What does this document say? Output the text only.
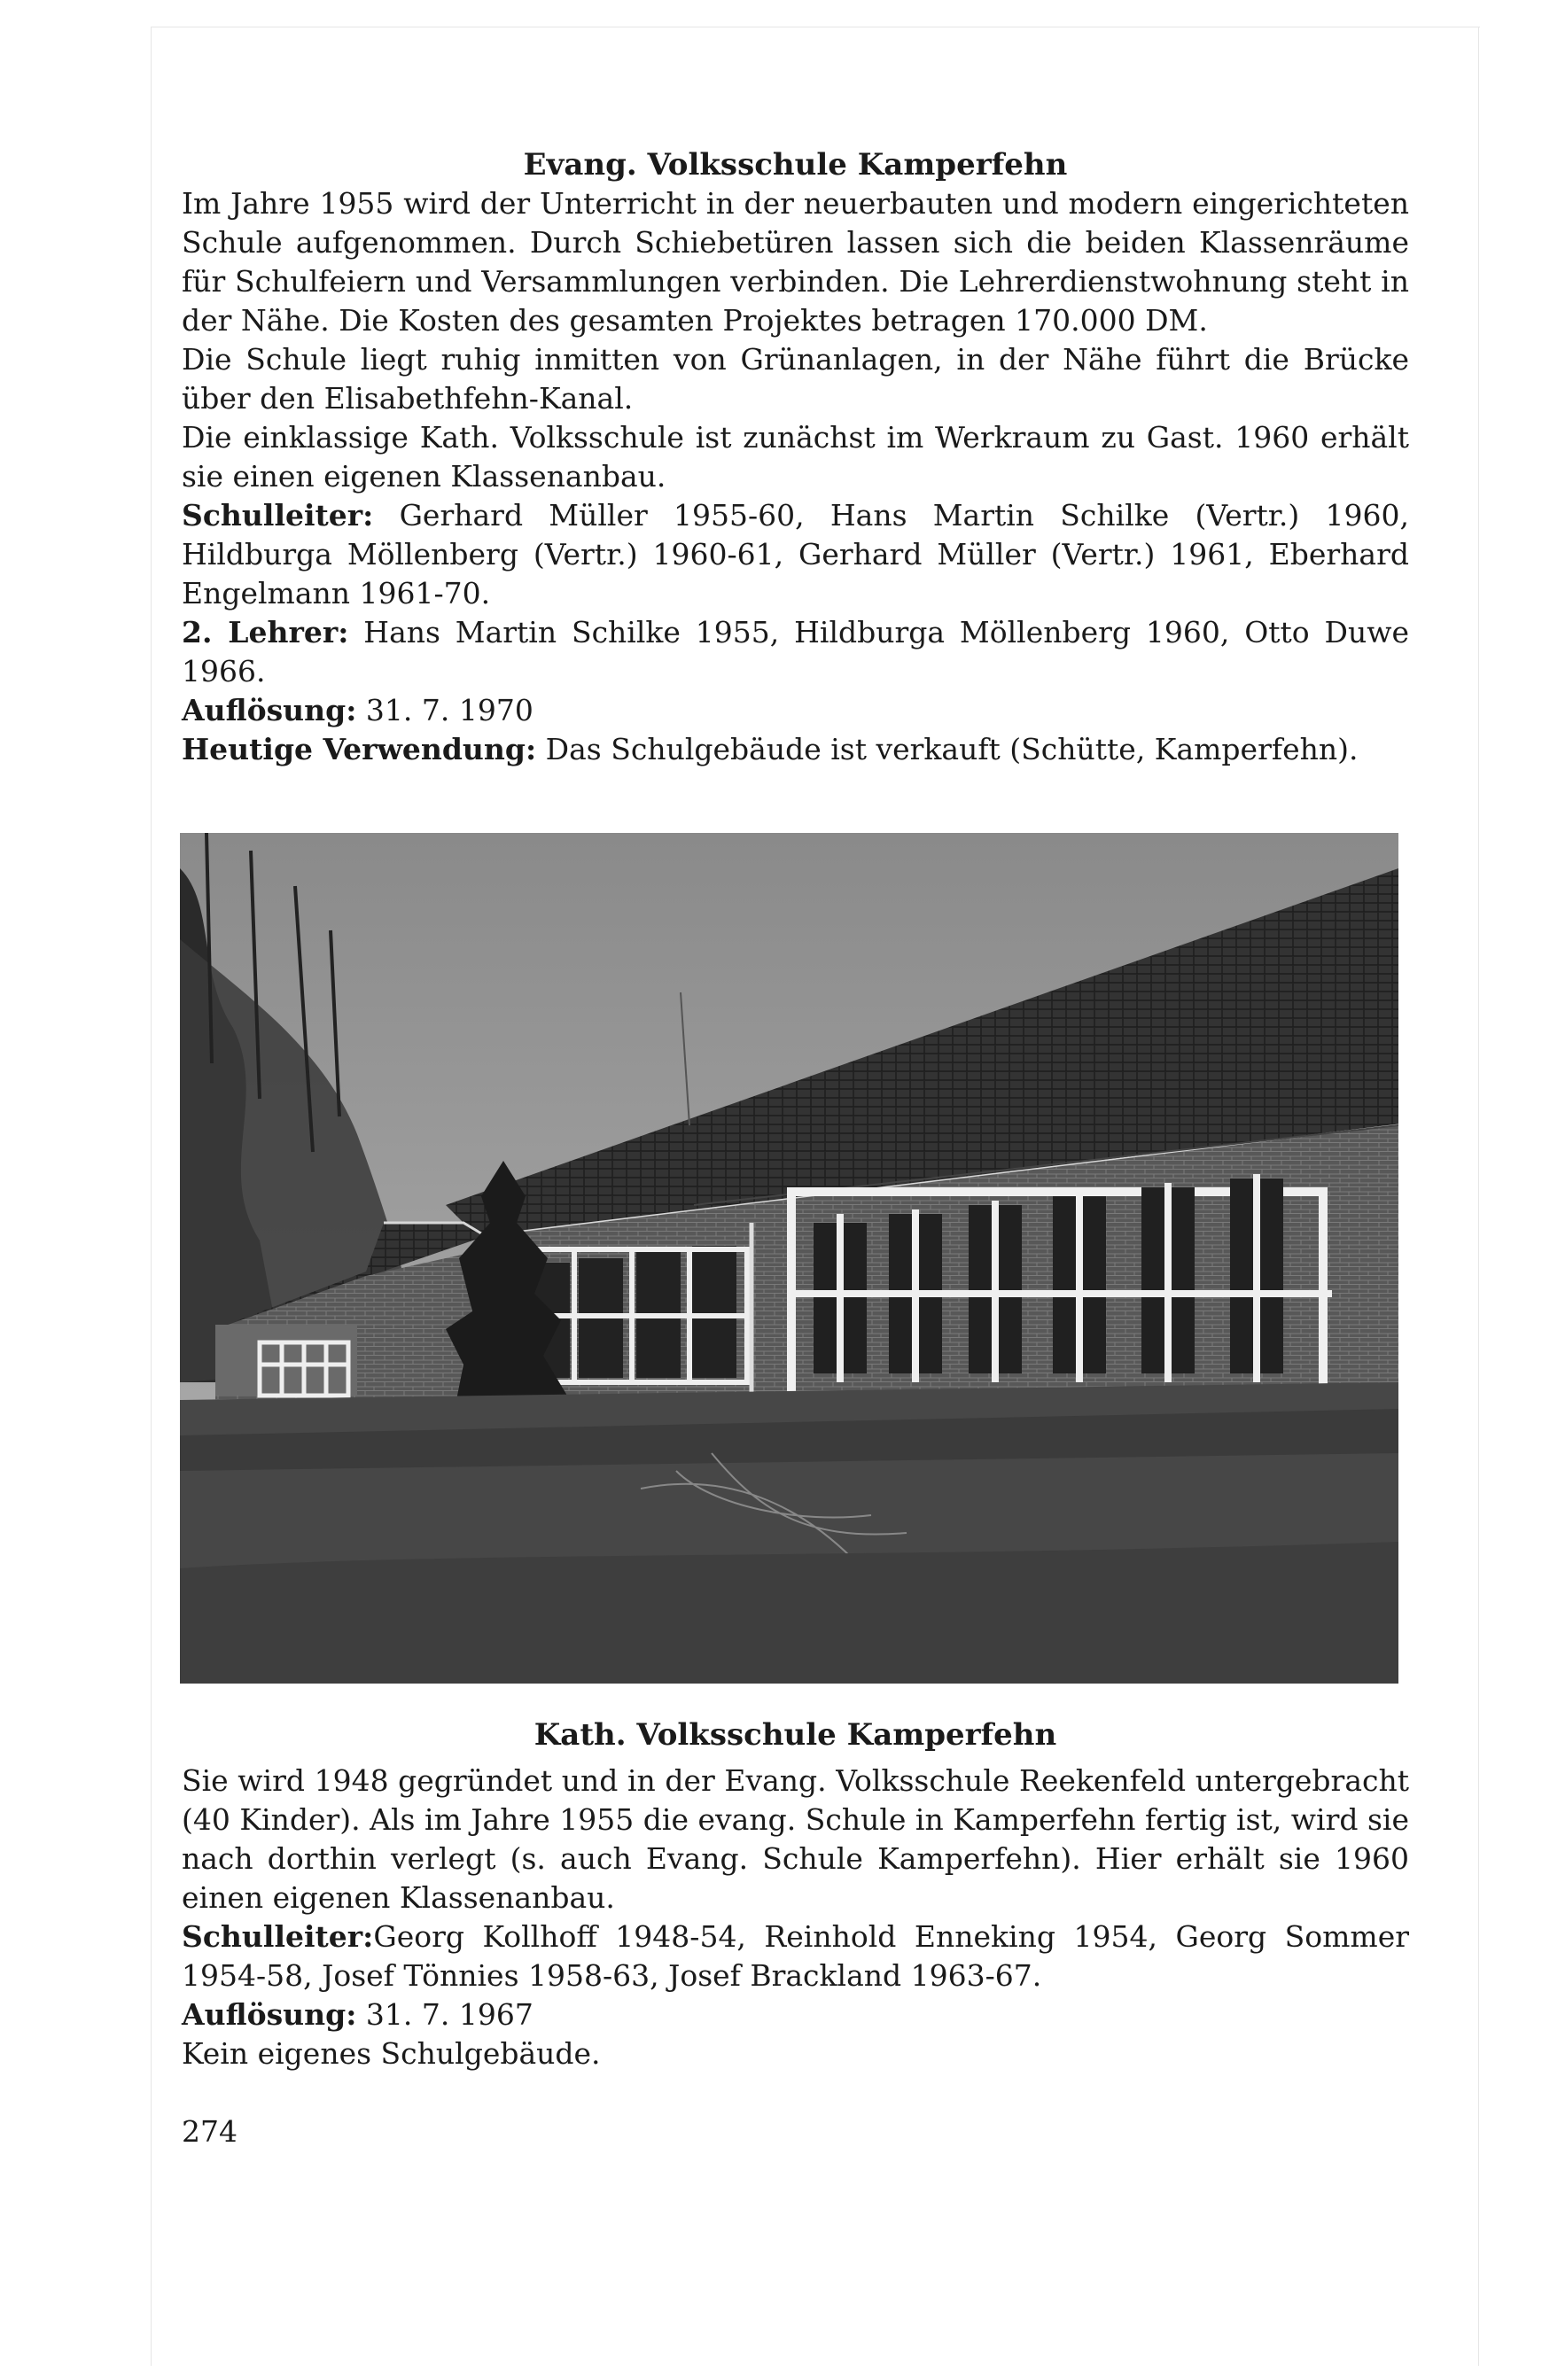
Evang. Volksschule Kamperfehn

Im Jahre 1955 wird der Unterricht in der neuerbauten und modern eingerichteten Schule aufgenommen. Durch Schiebetüren lassen sich die beiden Klassenräume für Schulfeiern und Versammlungen verbinden. Die Lehrerdienstwohnung steht in der Nähe. Die Kosten des gesamten Projektes betragen 170.000 DM.

Die Schule liegt ruhig inmitten von Grünanlagen, in der Nähe führt die Brücke über den Elisabethfehn-Kanal.

Die einklassige Kath. Volksschule ist zunächst im Werkraum zu Gast. 1960 erhält sie einen eigenen Klassenanbau.

Schulleiter: Gerhard Müller 1955-60, Hans Martin Schilke (Vertr.) 1960, Hildburga Möllenberg (Vertr.) 1960-61, Gerhard Müller (Vertr.) 1961, Eberhard Engelmann 1961-70.

2. Lehrer: Hans Martin Schilke 1955, Hildburga Möllenberg 1960, Otto Duwe 1966.

Auflösung: 31. 7. 1970

Heutige Verwendung: Das Schulgebäude ist verkauft (Schütte, Kamperfehn).

Kath. Volksschule Kamperfehn

Sie wird 1948 gegründet und in der Evang. Volksschule Reekenfeld untergebracht (40 Kinder). Als im Jahre 1955 die evang. Schule in Kamperfehn fertig ist, wird sie nach dorthin verlegt (s. auch Evang. Schule Kamperfehn). Hier erhält sie 1960 einen eigenen Klassenanbau.

Schulleiter:Georg Kollhoff 1948-54, Reinhold Enneking 1954, Georg Sommer 1954-58, Josef Tönnies 1958-63, Josef Brackland 1963-67.

Auflösung: 31. 7. 1967

Kein eigenes Schulgebäude.

274
